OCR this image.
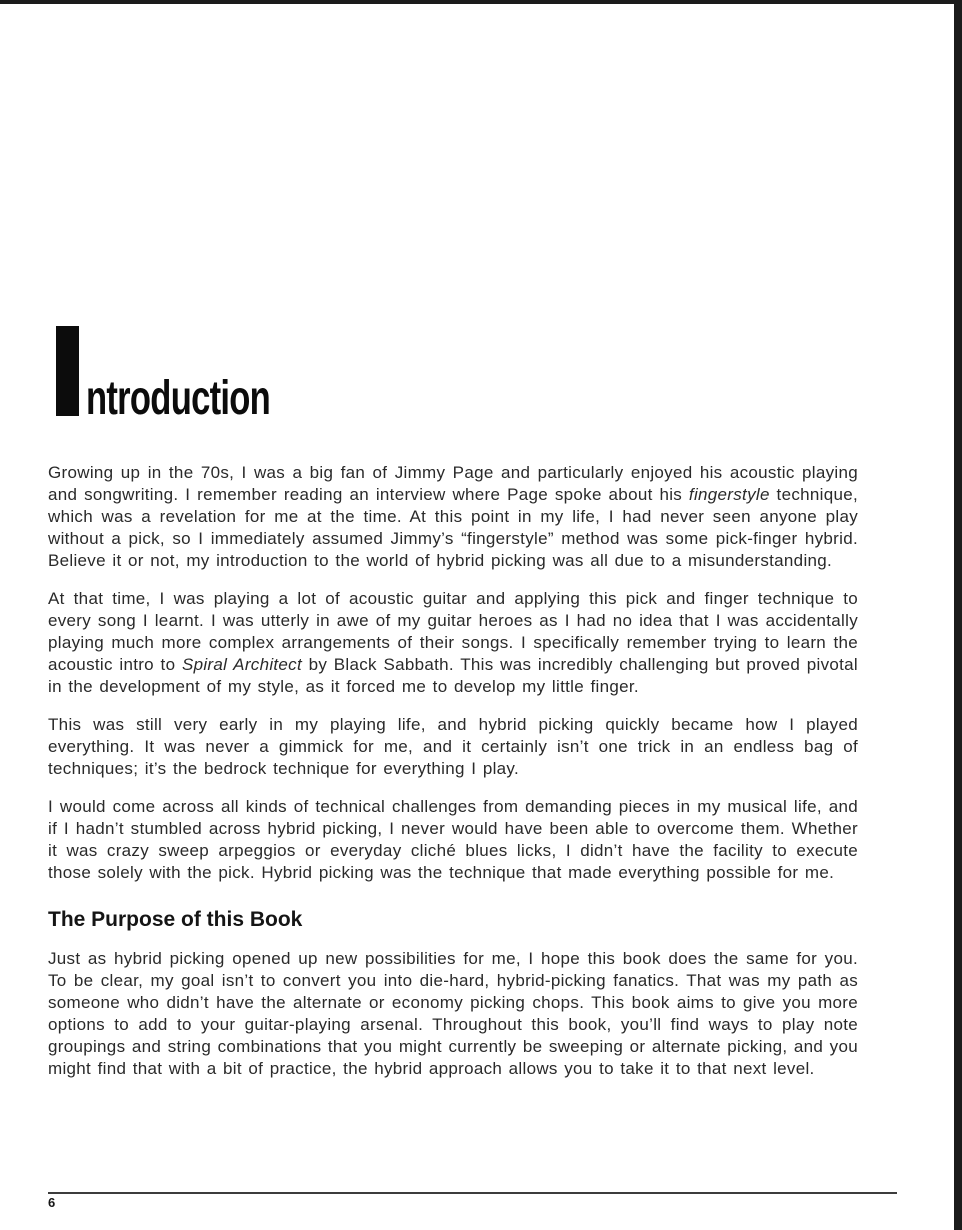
ntroduction

Growing up in the 70s, I was a big fan of Jimmy Page and particularly enjoyed his acoustic playing and songwriting. I remember reading an interview where Page spoke about his fingerstyle technique, which was a revelation for me at the time. At this point in my life, I had never seen anyone play without a pick, so I immediately assumed Jimmy’s “fingerstyle” method was some pick-finger hybrid. Believe it or not, my introduction to the world of hybrid picking was all due to a misunderstanding.

At that time, I was playing a lot of acoustic guitar and applying this pick and finger technique to every song I learnt. I was utterly in awe of my guitar heroes as I had no idea that I was accidentally playing much more complex arrangements of their songs. I specifically remember trying to learn the acoustic intro to Spiral Architect by Black Sabbath. This was incredibly challenging but proved pivotal in the development of my style, as it forced me to develop my little finger.

This was still very early in my playing life, and hybrid picking quickly became how I played everything. It was never a gimmick for me, and it certainly isn’t one trick in an endless bag of techniques; it’s the bedrock technique for everything I play.

I would come across all kinds of technical challenges from demanding pieces in my musical life, and if I hadn’t stumbled across hybrid picking, I never would have been able to overcome them. Whether it was crazy sweep arpeggios or everyday cliché blues licks, I didn’t have the facility to execute those solely with the pick. Hybrid picking was the technique that made everything possible for me.

The Purpose of this Book

Just as hybrid picking opened up new possibilities for me, I hope this book does the same for you. To be clear, my goal isn’t to convert you into die-hard, hybrid-picking fanatics. That was my path as someone who didn’t have the alternate or economy picking chops. This book aims to give you more options to add to your guitar-playing arsenal. Throughout this book, you’ll find ways to play note groupings and string combinations that you might currently be sweeping or alternate picking, and you might find that with a bit of practice, the hybrid approach allows you to take it to that next level.

6
